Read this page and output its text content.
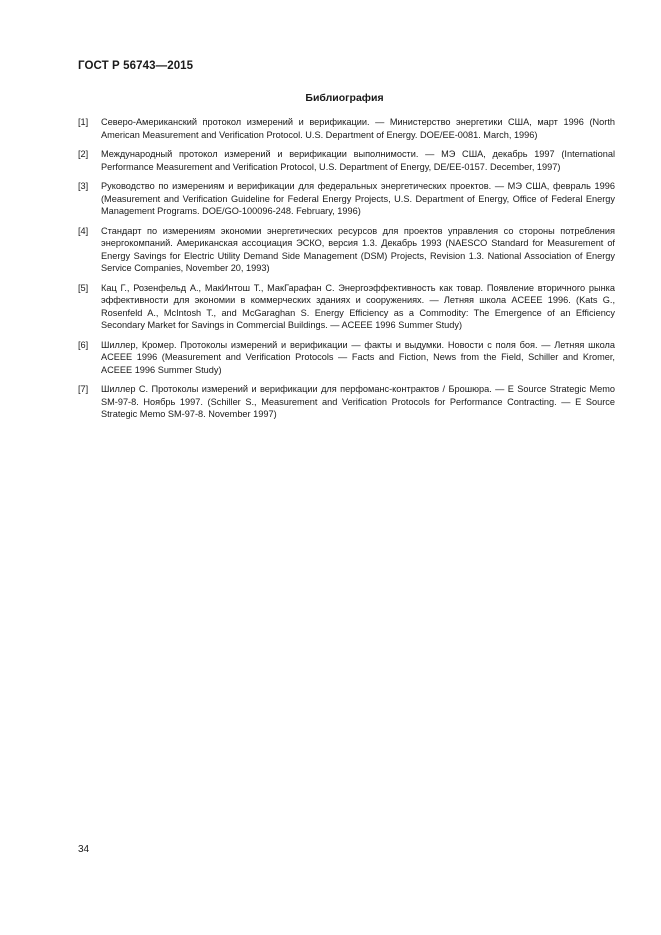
ГОСТ Р 56743—2015
Библиография
[1] Северо-Американский протокол измерений и верификации. — Министерство энергетики США, март 1996 (North American Measurement and Verification Protocol. U.S. Department of Energy. DOE/EE-0081. March, 1996)
[2] Международный протокол измерений и верификации выполнимости. — МЭ США, декабрь 1997 (International Performance Measurement and Verification Protocol, U.S. Department of Energy, DE/EE-0157. December, 1997)
[3] Руководство по измерениям и верификации для федеральных энергетических проектов. — МЭ США, февраль 1996 (Measurement and Verification Guideline for Federal Energy Projects, U.S. Department of Energy, Office of Federal Energy Management Programs. DOE/GO-100096-248. February, 1996)
[4] Стандарт по измерениям экономии энергетических ресурсов для проектов управления со стороны потребления энергокомпаний. Американская ассоциация ЭСКО, версия 1.3. Декабрь 1993 (NAESCO Standard for Measurement of Energy Savings for Electric Utility Demand Side Management (DSM) Projects, Revision 1.3. National Association of Energy Service Companies, November 20, 1993)
[5] Кац Г., Розенфельд А., МакИнтош Т., МакГарафан С. Энергоэффективность как товар. Появление вторичного рынка эффективности для экономии в коммерческих зданиях и сооружениях. — Летняя школа ACEEE 1996. (Kats G., Rosenfeld A., McIntosh T., and McGaraghan S. Energy Efficiency as a Commodity: The Emergence of an Efficiency Secondary Market for Savings in Commercial Buildings. — ACEEE 1996 Summer Study)
[6] Шиллер, Кромер. Протоколы измерений и верификации — факты и выдумки. Новости с поля боя. — Летняя школа ACEEE 1996 (Measurement and Verification Protocols — Facts and Fiction, News from the Field, Schiller and Kromer, ACEEE 1996 Summer Study)
[7] Шиллер С. Протоколы измерений и верификации для перфоманс-контрактов / Брошюра. — E Source Strategic Memo SM-97-8. Ноябрь 1997. (Schiller S., Measurement and Verification Protocols for Performance Contracting. — E Source Strategic Memo SM-97-8. November 1997)
34
